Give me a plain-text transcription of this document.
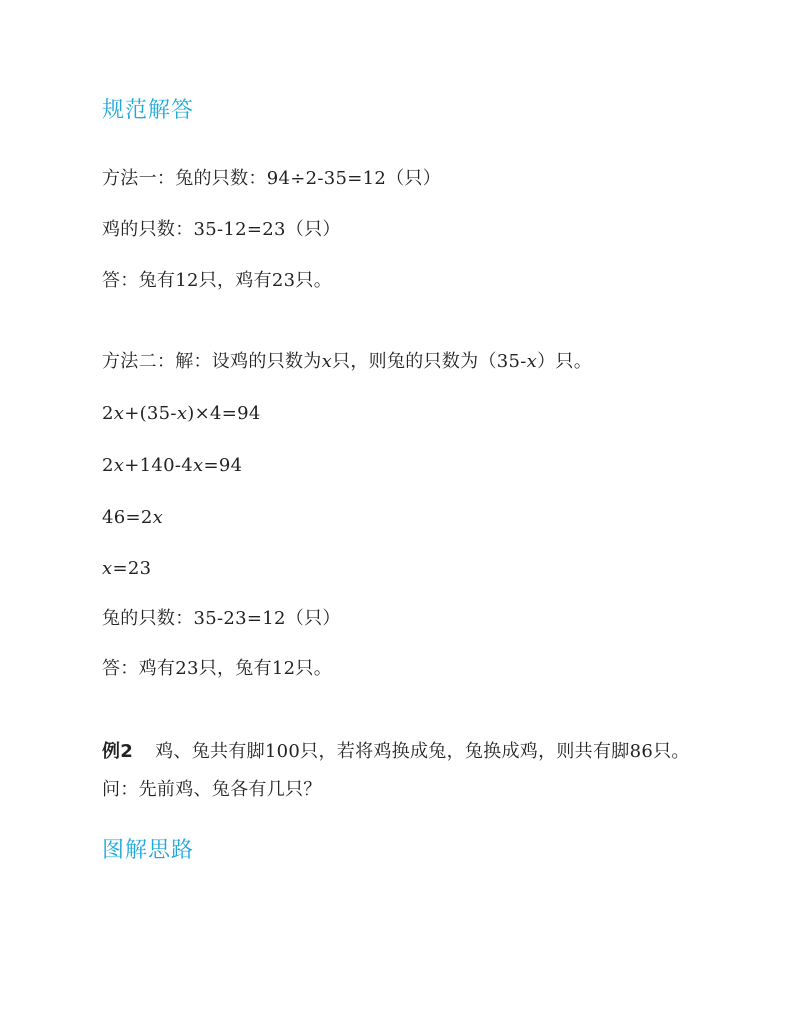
规范解答
方法一：兔的只数：94÷2-35=12（只）
鸡的只数：35-12=23（只）
答：兔有12只，鸡有23只。
方法二：解：设鸡的只数为x只，则兔的只数为（35-x）只。
2x+(35-x)×4=94
2x+140-4x=94
46=2x
x=23
兔的只数：35-23=12（只）
答：鸡有23只，兔有12只。
例2 鸡、兔共有脚100只，若将鸡换成兔，兔换成鸡，则共有脚86只。问：先前鸡、兔各有几只？
图解思路
